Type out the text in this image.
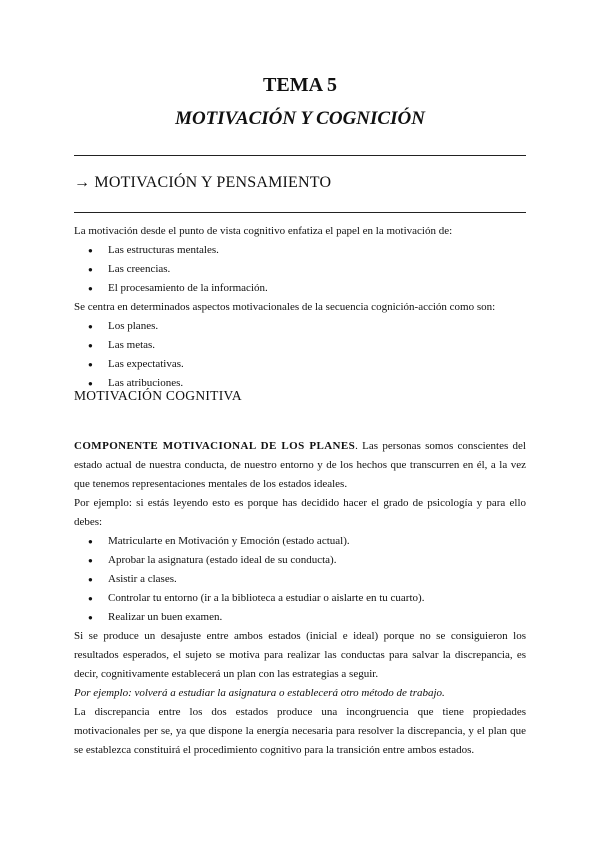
TEMA 5
MOTIVACIÓN Y COGNICIÓN
→ MOTIVACIÓN Y PENSAMIENTO

La motivación desde el punto de vista cognitivo enfatiza el papel en la motivación de:

● Las estructuras mentales.
● Las creencias.
● El procesamiento de la información.

Se centra en determinados aspectos motivacionales de la secuencia cognición-acción como son:

● Los planes.
● Las metas.
● Las expectativas.
● Las atribuciones.
MOTIVACIÓN COGNITIVA

COMPONENTE MOTIVACIONAL DE LOS PLANES. Las personas somos conscientes del estado actual de nuestra conducta, de nuestro entorno y de los hechos que transcurren en él, a la vez que tenemos representaciones mentales de los estados ideales.

Por ejemplo: si estás leyendo esto es porque has decidido hacer el grado de psicología y para ello debes:

● Matricularte en Motivación y Emoción (estado actual).
● Aprobar la asignatura (estado ideal de su conducta).
● Asistir a clases.
● Controlar tu entorno (ir a la biblioteca a estudiar o aislarte en tu cuarto).
● Realizar un buen examen.

Si se produce un desajuste entre ambos estados (inicial e ideal) porque no se consiguieron los resultados esperados, el sujeto se motiva para realizar las conductas para salvar la discrepancia, es decir, cognitivamente establecerá un plan con las estrategias a seguir.

Por ejemplo: volverá a estudiar la asignatura o establecerá otro método de trabajo.

La discrepancia entre los dos estados produce una incongruencia que tiene propiedades motivacionales per se, ya que dispone la energía necesaria para resolver la discrepancia, y el plan que se establezca constituirá el procedimiento cognitivo para la transición entre ambos estados.
